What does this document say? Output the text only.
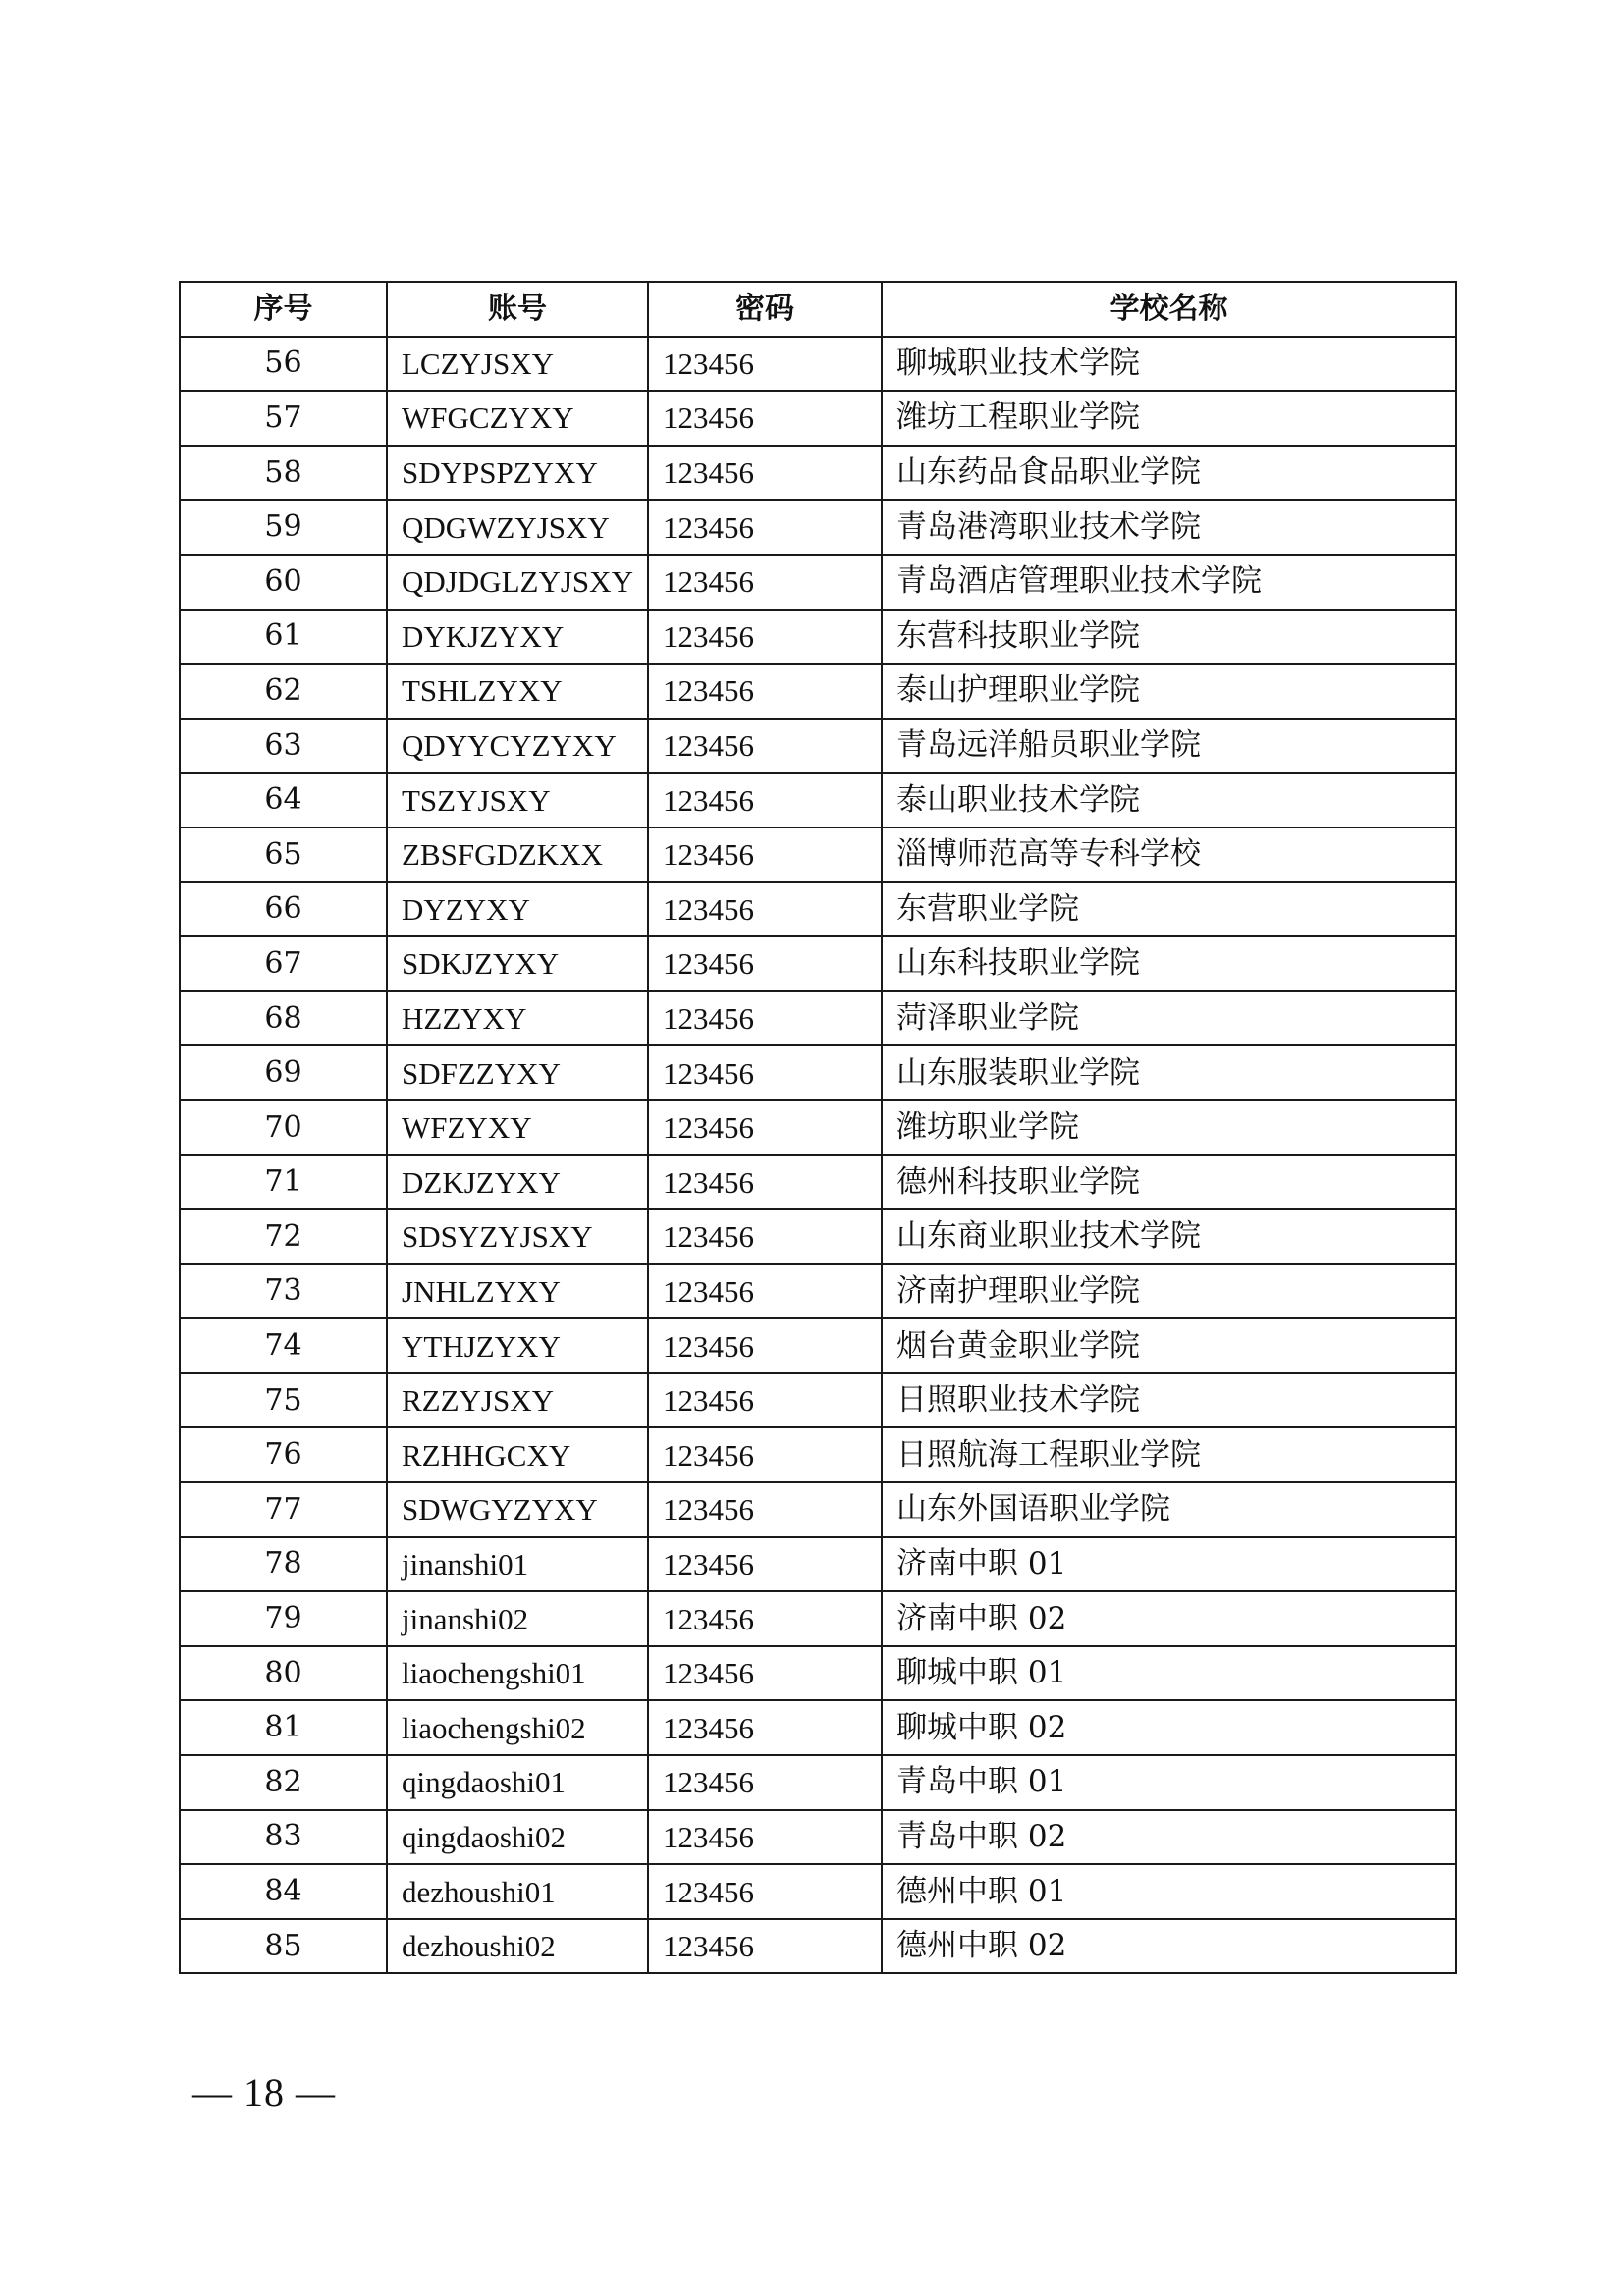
序号	账号	密码	学校名称
56	LCZYJSXY	123456	聊城职业技术学院
57	WFGCZYXY	123456	潍坊工程职业学院
58	SDYPSPZYXY	123456	山东药品食品职业学院
59	QDGWZYJSXY	123456	青岛港湾职业技术学院
60	QDJDGLZYJSXY	123456	青岛酒店管理职业技术学院
61	DYKJZYXY	123456	东营科技职业学院
62	TSHLZYXY	123456	泰山护理职业学院
63	QDYYCYZYXY	123456	青岛远洋船员职业学院
64	TSZYJSXY	123456	泰山职业技术学院
65	ZBSFGDZKXX	123456	淄博师范高等专科学校
66	DYZYXY	123456	东营职业学院
67	SDKJZYXY	123456	山东科技职业学院
68	HZZYXY	123456	菏泽职业学院
69	SDFZZYXY	123456	山东服装职业学院
70	WFZYXY	123456	潍坊职业学院
71	DZKJZYXY	123456	德州科技职业学院
72	SDSYZYJSXY	123456	山东商业职业技术学院
73	JNHLZYXY	123456	济南护理职业学院
74	YTHJZYXY	123456	烟台黄金职业学院
75	RZZYJSXY	123456	日照职业技术学院
76	RZHHGCXY	123456	日照航海工程职业学院
77	SDWGYZYXY	123456	山东外国语职业学院
78	jinanshi01	123456	济南中职 01
79	jinanshi02	123456	济南中职 02
80	liaochengshi01	123456	聊城中职 01
81	liaochengshi02	123456	聊城中职 02
82	qingdaoshi01	123456	青岛中职 01
83	qingdaoshi02	123456	青岛中职 02
84	dezhoushi01	123456	德州中职 01
85	dezhoushi02	123456	德州中职 02
— 18 —
